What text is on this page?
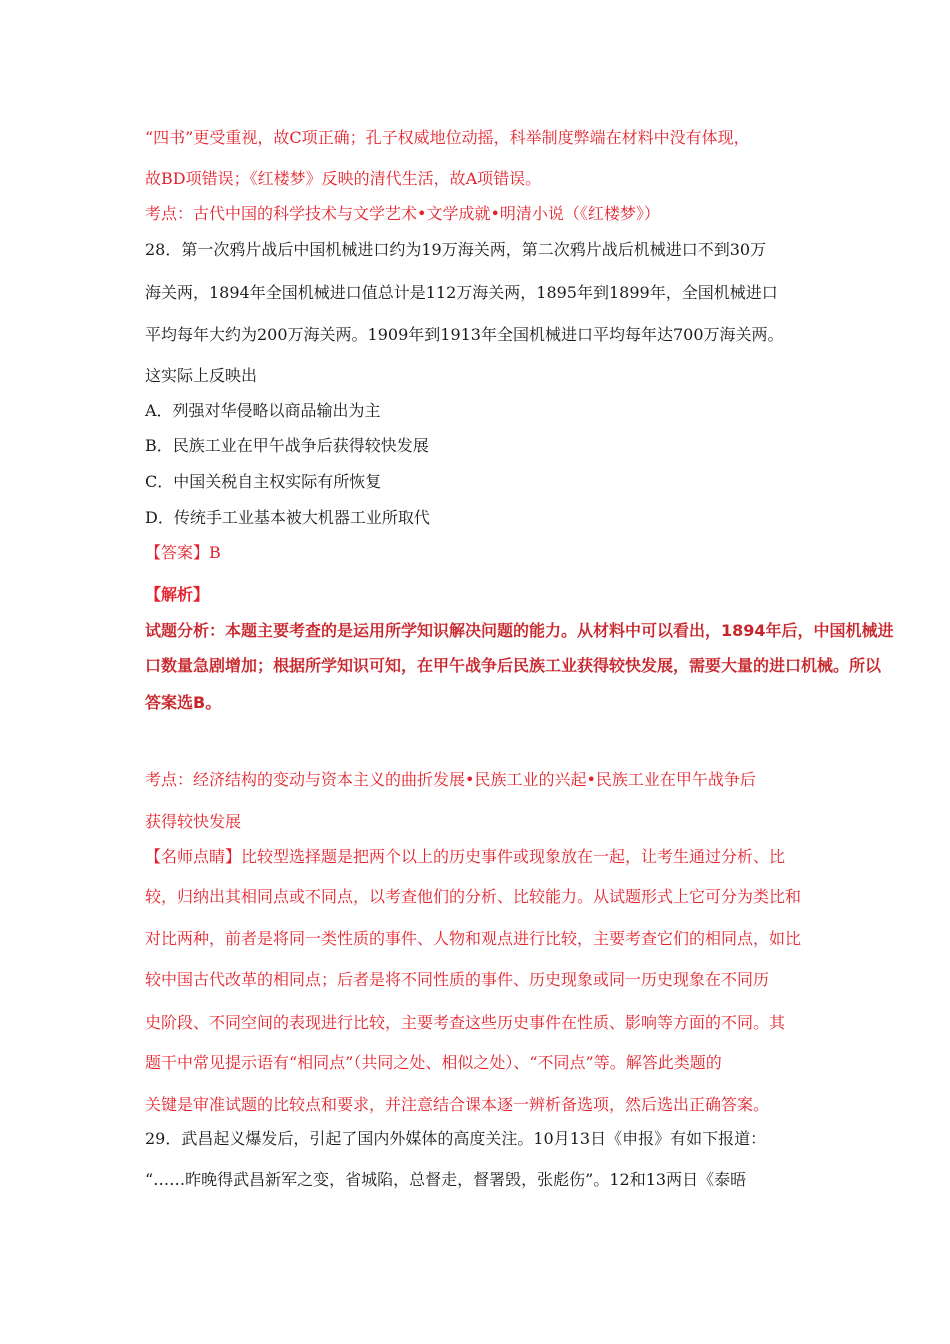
“四书”更受重视，故C项正确；孔子权威地位动摇，科举制度弊端在材料中没有体现，
故BD项错误；《红楼梦》反映的清代生活，故A项错误。
考点：古代中国的科学技术与文学艺术•文学成就•明清小说（《红楼梦》）
28．第一次鸦片战后中国机械进口约为19万海关两，第二次鸦片战后机械进口不到30万
海关两，1894年全国机械进口值总计是112万海关两，1895年到1899年，全国机械进口
平均每年大约为200万海关两。1909年到1913年全国机械进口平均每年达700万海关两。
这实际上反映出
A．列强对华侵略以商品输出为主
B．民族工业在甲午战争后获得较快发展
C．中国关税自主权实际有所恢复
D．传统手工业基本被大机器工业所取代
【答案】B
【解析】
试题分析：本题主要考查的是运用所学知识解决问题的能力。从材料中可以看出，1894年后，中国机械进
口数量急剧增加；根据所学知识可知，在甲午战争后民族工业获得较快发展，需要大量的进口机械。所以
答案选B。
考点：经济结构的变动与资本主义的曲折发展•民族工业的兴起•民族工业在甲午战争后
获得较快发展
【名师点睛】比较型选择题是把两个以上的历史事件或现象放在一起，让考生通过分析、比
较，归纳出其相同点或不同点，以考查他们的分析、比较能力。从试题形式上它可分为类比和
对比两种，前者是将同一类性质的事件、人物和观点进行比较，主要考查它们的相同点，如比
较中国古代改革的相同点；后者是将不同性质的事件、历史现象或同一历史现象在不同历
史阶段、不同空间的表现进行比较，主要考查这些历史事件在性质、影响等方面的不同。其
题干中常见提示语有“相同点”（共同之处、相似之处）、“不同点”等。解答此类题的
关键是审准试题的比较点和要求，并注意结合课本逐一辨析备选项，然后选出正确答案。
29．武昌起义爆发后，引起了国内外媒体的高度关注。10月13日《申报》有如下报道：
“……昨晚得武昌新军之变，省城陷，总督走，督署毁，张彪伤”。12和13两日《泰晤
